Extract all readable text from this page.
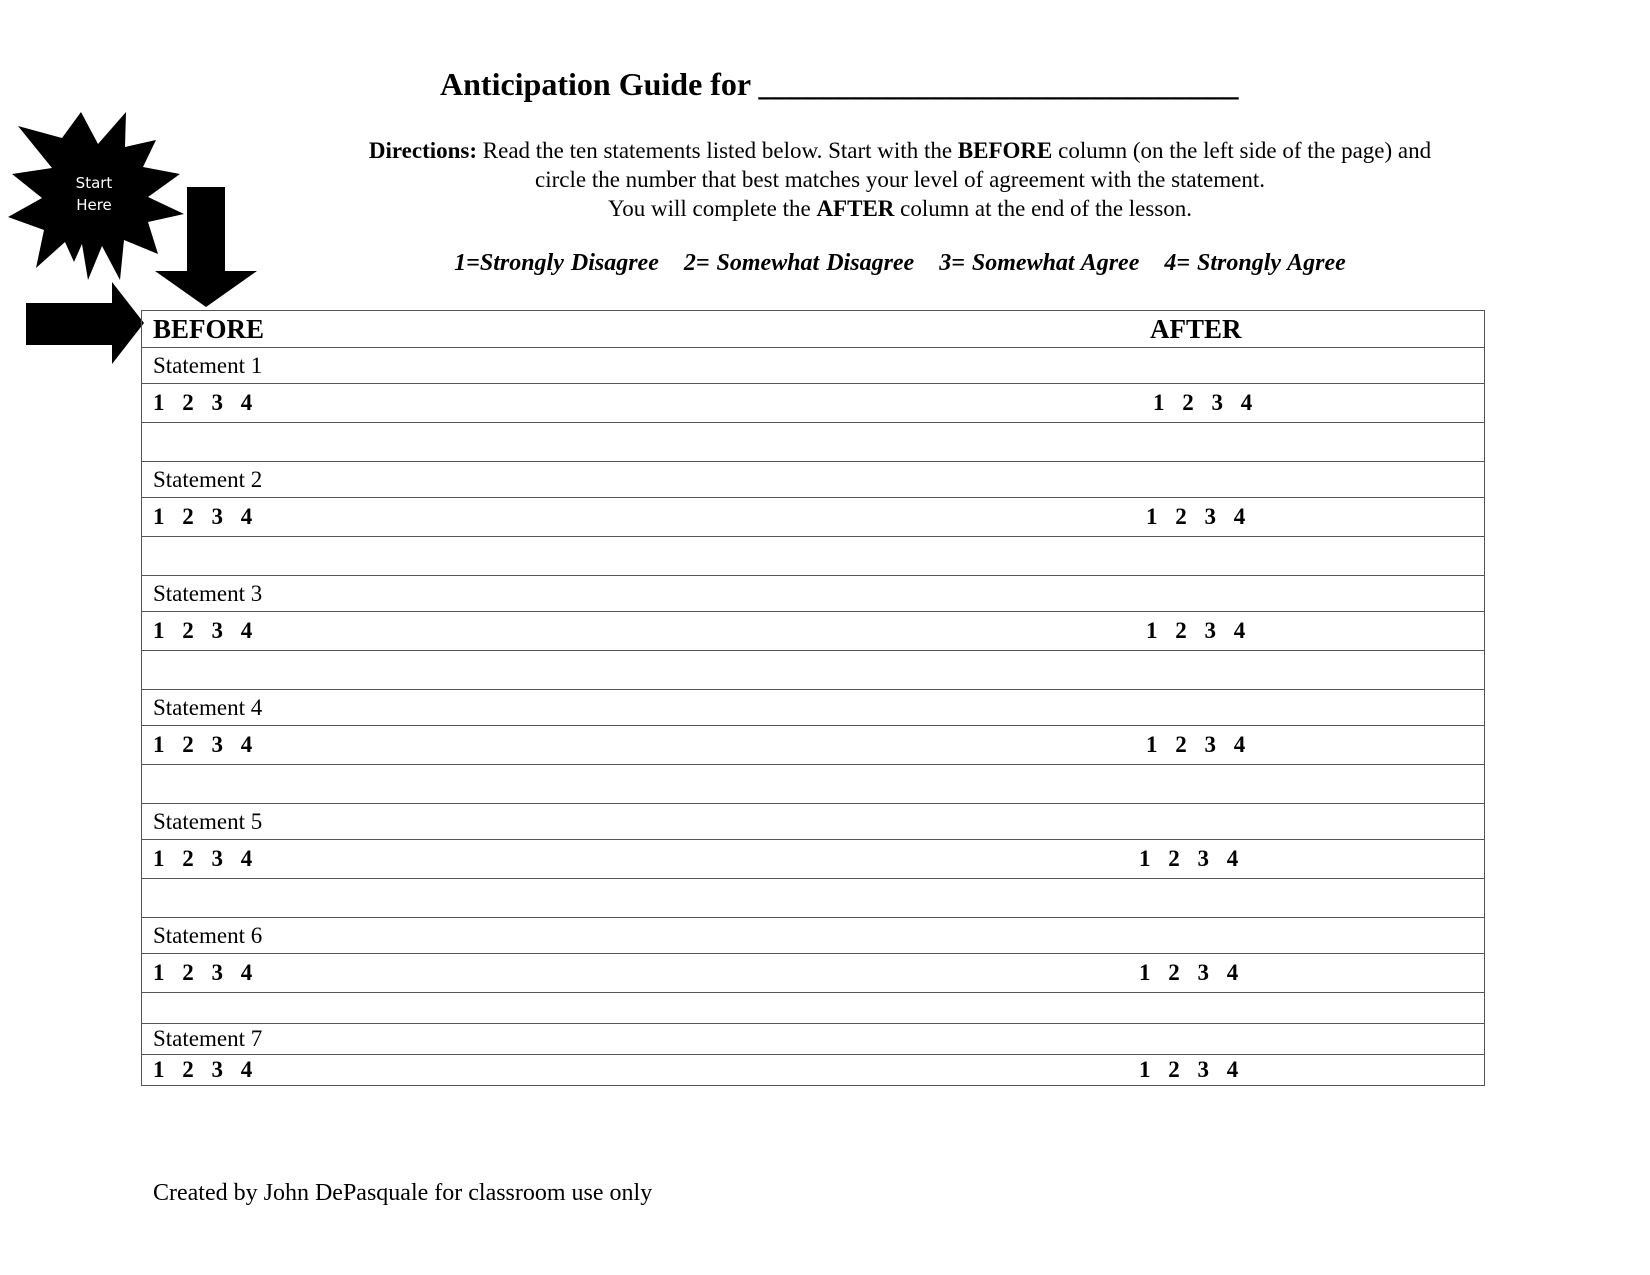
Anticipation Guide for ______________________________
Directions: Read the ten statements listed below. Start with the BEFORE column (on the left side of the page) and
circle the number that best matches your level of agreement with the statement.
You will complete the AFTER column at the end of the lesson.
1=Strongly Disagree 2= Somewhat Disagree 3= Somewhat Agree 4= Strongly Agree
Start
Here
BEFORE	AFTER

Statement 1
1 2 3 4	1 2 3 4

Statement 2
1 2 3 4	1 2 3 4

Statement 3
1 2 3 4	1 2 3 4

Statement 4
1 2 3 4	1 2 3 4

Statement 5
1 2 3 4	1 2 3 4

Statement 6
1 2 3 4	1 2 3 4

Statement 7
1 2 3 4	1 2 3 4
Created by John DePasquale for classroom use only
